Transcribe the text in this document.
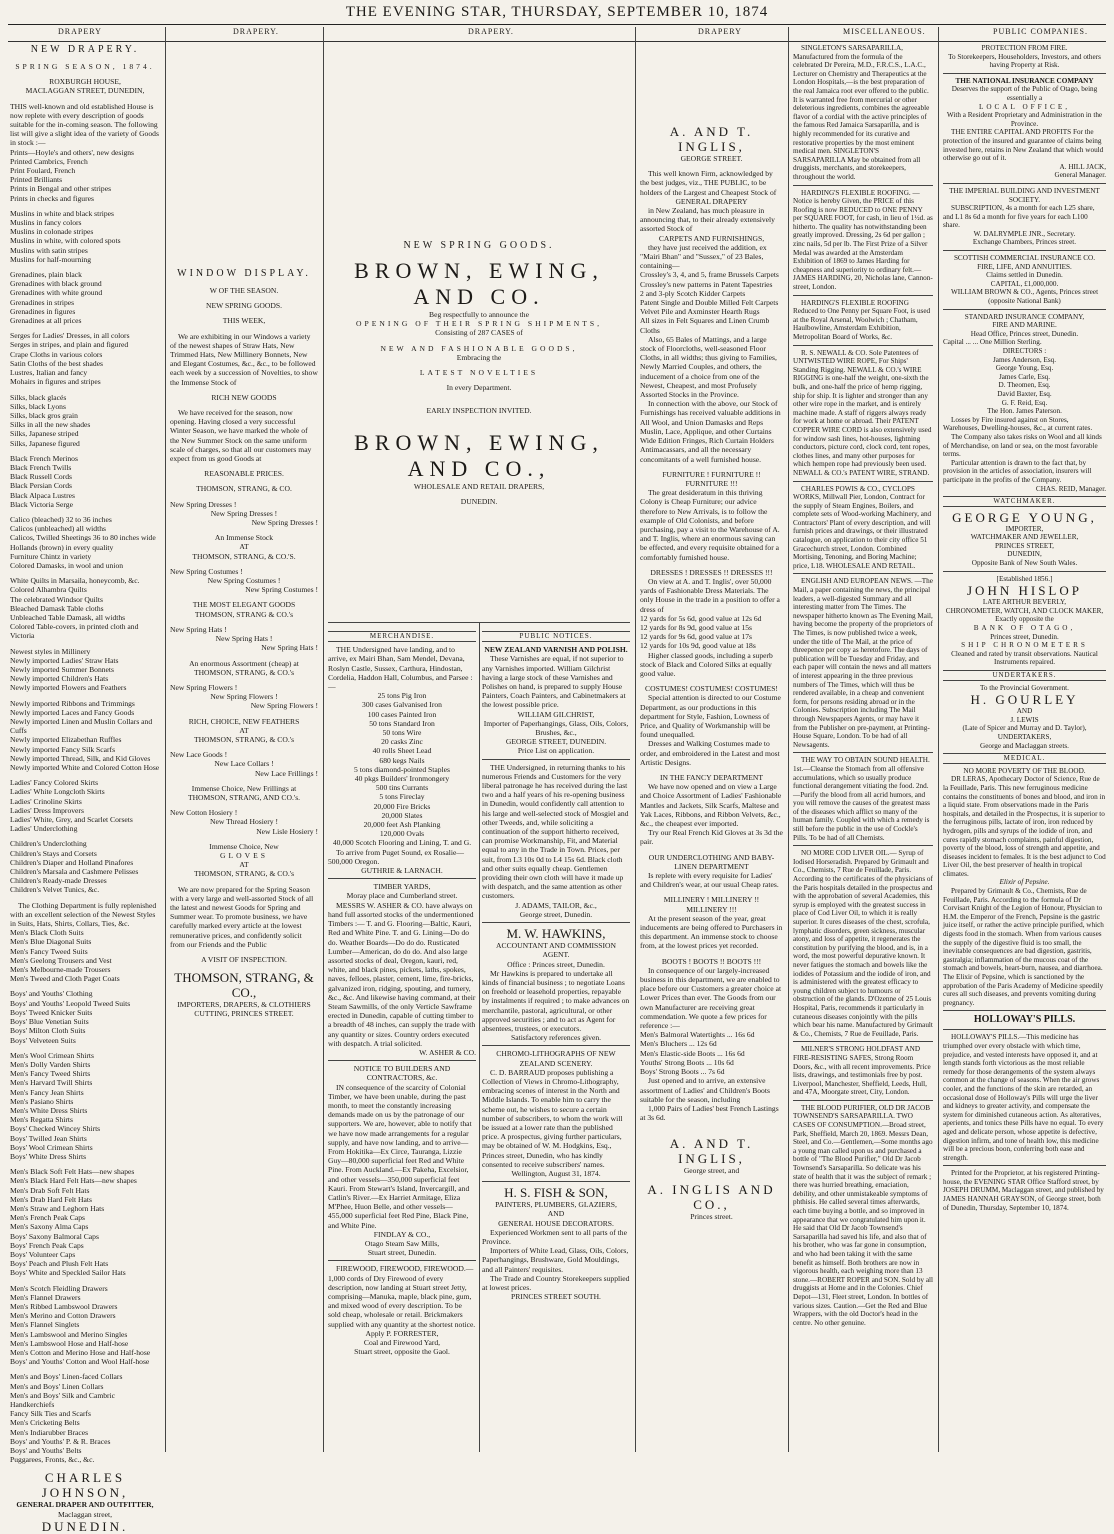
THE EVENING STAR, THURSDAY, SEPTEMBER 10, 1874
DRAPERY	DRAPERY.	DRAPERY.	DRAPERY	MISCELLANEOUS.	PUBLIC COMPANIES.

NEW DRAPERY.

SPRING SEASON, 1874.

ROXBURGH HOUSE,

MACLAGGAN STREET, DUNEDIN,

THIS well-known and old established House is now replete with every description of goods suitable for the in-coming season. The following list will give a slight idea of the variety of Goods in stock :—

Prints—Hoyle's and others', new designs

Printed Cambrics, French

Print Foulard, French

Printed Brilliants

Prints in Bengal and other stripes

Prints in checks and figures

Muslins in white and black stripes

Muslins in fancy colors

Muslins in colonade stripes

Muslins in white, with colored spots

Muslins with satin stripes

Muslins for half-mourning

Grenadines, plain black

Grenadines with black ground

Grenadines with white ground

Grenadines in stripes

Grenadines in figures

Grenadines at all prices

Serges for Ladies' Dresses, in all colors

Serges in stripes, and plain and figured

Crape Cloths in various colors

Satin Cloths of the best shades

Lustres, Italian and fancy

Mohairs in figures and stripes

Silks, black glacés

Silks, black Lyons

Silks, black gros grain

Silks in all the new shades

Silks, Japanese striped

Silks, Japanese figured

Black French Merinos

Black French Twills

Black Russell Cords

Black Persian Cords

Black Alpaca Lustres

Black Victoria Serge

Calico (bleached) 32 to 36 inches

Calicos (unbleached) all widths

Calicos, Twilled Sheetings 36 to 80 inches wide

Hollands (brown) in every quality

Furniture Chintz in variety

Colored Damasks, in wool and union

White Quilts in Marsaila, honeycomb, &c.

Colored Alhambra Quilts

The celebrated Windsor Quilts

Bleached Damask Table cloths

Unbleached Table Damask, all widths

Colored Table-covers, in printed cloth and Victoria

Newest styles in Millinery

Newly imported Ladies' Straw Hats

Newly imported Summer Bonnets

Newly imported Children's Hats

Newly imported Flowers and Feathers

Newly imported Ribbons and Trimmings

Newly imported Laces and Fancy Goods

Newly imported Linen and Muslin Collars and Cuffs

Newly imported Elizabethan Ruffles

Newly imported Fancy Silk Scarfs

Newly imported Thread, Silk, and Kid Gloves

Newly imported White and Colored Cotton Hose

Ladies' Fancy Colored Skirts

Ladies' White Longcloth Skirts

Ladies' Crinoline Skirts

Ladies' Dress Improvers

Ladies' White, Grey, and Scarlet Corsets

Ladies' Underclothing

Children's Underclothing

Children's Stays and Corsets

Children's Diaper and Holland Pinafores

Children's Marsala and Cashmere Pelisses

Children's Ready-made Dresses

Children's Velvet Tunics, &c.

The Clothing Department is fully replenished with an excellent selection of the Newest Styles in Suits, Hats, Shirts, Collars, Ties, &c.

Men's Black Cloth Suits

Men's Blue Diagonal Suits

Men's Fancy Tweed Suits

Men's Geelong Trousers and Vest

Men's Melbourne-made Trousers

Men's Tweed and Cloth Paget Coats

Boys' and Youths' Clothing

Boys' and Youths' Leopold Tweed Suits

Boys' Tweed Knicker Suits

Boys' Blue Venetian Suits

Boys' Milton Cloth Suits

Boys' Velveteen Suits

Men's Wool Crimean Shirts

Men's Dolly Varden Shirts

Men's Fancy Tweed Shirts

Men's Harvard Twill Shirts

Men's Fancy Jean Shirts

Men's Pasiano Shirts

Men's White Dress Shirts

Men's Regatta Shirts

Boys' Checked Wincey Shirts

Boys' Twilled Jean Shirts

Boys' Wool Crimean Shirts

Boys' White Dress Shirts

Men's Black Soft Felt Hats—new shapes

Men's Black Hard Felt Hats—new shapes

Men's Drab Soft Felt Hats

Men's Drab Hard Felt Hats

Men's Straw and Leghorn Hats

Men's French Peak Caps

Men's Saxony Alma Caps

Boys' Saxony Balmoral Caps

Boys' French Peak Caps

Boys' Volunteer Caps

Boys' Peach and Plush Felt Hats

Boys' White and Speckled Sailor Hats

Men's Scotch Fleidling Drawers

Men's Flannel Drawers

Men's Ribbed Lambswool Drawers

Men's Merino and Cotton Drawers

Men's Flannel Singlets

Men's Lambswool and Merino Singles

Men's Lambswool Hose and Half-hose

Men's Cotton and Merino Hose and Half-hose

Boys' and Youths' Cotton and Wool Half-hose

Men's and Boys' Linen-faced Collars

Men's and Boys' Linen Collars

Men's and Boys' Silk and Cambric Handkerchiefs

Fancy Silk Ties and Scarfs

Men's Cricketing Belts

Men's Indiarubber Braces

Boys' and Youths' P. & R. Braces

Boys' and Youths' Belts

Puggarees, Fronts, &c., &c.

CHARLES JOHNSON,

GENERAL DRAPER AND OUTFITTER,

Maclaggan street,

DUNEDIN.

WINDOW DISPLAY.

W OF THE SEASON.

NEW SPRING GOODS.

THIS WEEK,

We are exhibiting in our Windows a variety of the newest shapes of Straw Hats, New Trimmed Hats, New Millinery Bonnets, New and Elegant Costumes, &c., &c., to be followed each week by a succession of Novelties, to show the Immense Stock of

RICH NEW GOODS

We have received for the season, now opening. Having closed a very successful Winter Season, we have marked the whole of the New Summer Stock on the same uniform scale of charges, so that all our customers may expect from us good Goods at

REASONABLE PRICES.

THOMSON, STRANG, & CO.

New Spring Dresses !

New Spring Dresses !

New Spring Dresses !

An Immense Stock

AT

THOMSON, STRANG, & CO.'S.

New Spring Costumes !

New Spring Costumes !

New Spring Costumes !

THE MOST ELEGANT GOODS

THOMSON, STRANG & CO.'s

New Spring Hats !

New Spring Hats !

New Spring Hats !

An enormous Assortment (cheap) at

THOMSON, STRANG, & CO.'s

New Spring Flowers !

New Spring Flowers !

New Spring Flowers !

RICH, CHOICE, NEW FEATHERS

AT

THOMSON, STRANG, & CO.'s

New Lace Goods !

New Lace Collars !

New Lace Frillings !

Immense Choice, New Frillings at

THOMSON, STRANG, AND CO.'s.

New Cotton Hosiery !

New Thread Hosiery !

New Lisle Hosiery !

Immense Choice, New

GLOVES

AT

THOMSON, STRANG, & CO.'s

We are now prepared for the Spring Season with a very large and well-assorted Stock of all the latest and newest Goods for Spring and Summer wear. To promote business, we have carefully marked every article at the lowest remunerative prices, and confidently solicit from our Friends and the Public

A VISIT OF INSPECTION.

THOMSON, STRANG, & CO.,

IMPORTERS, DRAPERS, & CLOTHIERS

CUTTING, PRINCES STREET.

NEW SPRING GOODS.

BROWN, EWING, AND CO.

Beg respectfully to announce the

OPENING OF THEIR SPRING SHIPMENTS,

Consisting of 287 CASES of

NEW AND FASHIONABLE GOODS,

Embracing the

LATEST NOVELTIES

In every Department.

EARLY INSPECTION INVITED.

BROWN, EWING, AND CO.,

WHOLESALE AND RETAIL DRAPERS,

DUNEDIN.

MERCHANDISE.

THE Undersigned have landing, and to arrive, ex Mairi Bhan, Sam Mendel, Devana, Roslyn Castle, Sussex, Carthura, Hindostan, Cordelia, Haddon Hall, Columbus, and Parsee :—

25 tons Pig Iron

300 cases Galvanised Iron

100 cases Painted Iron

50 tons Standard Iron

50 tons Wire

20 casks Zinc

40 rolls Sheet Lead

680 kegs Nails

5 tons diamond-pointed Staples

40 pkgs Builders' Ironmongery

500 tins Currants

5 tons Fireclay

20,000 Fire Bricks

20,000 Slates

20,000 feet Ash Planking

120,000 Ovals

40,000 Scotch Flooring and Lining, T. and G.

To arrive from Puget Sound, ex Rosalie—500,000 Oregon.

GUTHRIE & LARNACH.

TIMBER YARDS,

Moray place and Cumberland street.

MESSRS W. ASHER & CO. have always on hand full assorted stocks of the undermentioned Timbers :— T. and G. Flooring—Baltic, Kauri, Red and White Pine. T. and G. Lining—Do do do. Weather Boards—Do do do. Rusticated Lumber—American, do do do. And also large assorted stocks of deal, Oregon, kauri, red, white, and black pines, pickets, laths, spokes, naves, felloes, plaster, cement, lime, fire-bricks, galvanized iron, ridging, spouting, and turnery, &c., &c. And likewise having command, at their Steam Sawmills, of the only Verticle Sawframe erected in Dunedin, capable of cutting timber to a breadth of 48 inches, can supply the trade with any quantity or sizes. Country orders executed with despatch. A trial solicited.

W. ASHER & CO.

NOTICE TO BUILDERS AND CONTRACTORS, &c.

IN consequence of the scarcity of Colonial Timber, we have been unable, during the past month, to meet the constantly increasing demands made on us by the patronage of our supporters. We are, however, able to notify that we have now made arrangements for a regular supply, and have now landing, and to arrive— From Hokitika—Ex Circe, Tauranga, Lizzie Guy—80,000 superficial feet Red and White Pine. From Auckland.—Ex Pakeha, Excelsior, and other vessels—350,000 superficial feet Kauri. From Stewart's Island, Invercargill, and Catlin's River.—Ex Harriet Armitage, Eliza M'Phee, Huon Belle, and other vessels—455,000 superficial feet Red Pine, Black Pine, and White Pine.

FINDLAY & CO.,

Otago Steam Saw Mills,

Stuart street, Dunedin.

FIREWOOD, FIREWOOD, FIREWOOD.—1,000 cords of Dry Firewood of every description, now landing at Stuart street Jetty, comprising—Manuka, maple, black pine, gum, and mixed wood of every description. To be sold cheap, wholesale or retail. Brickmakers supplied with any quantity at the shortest notice.

Apply P. FORRESTER,

Coal and Firewood Yard,

Stuart street, opposite the Gaol.

PUBLIC NOTICES.

NEW ZEALAND VARNISH AND POLISH.

These Varnishes are equal, if not superior to any Varnishes imported. William Gilchrist having a large stock of these Varnishes and Polishes on hand, is prepared to supply House Painters, Coach Painters, and Cabinetmakers at the lowest possible price.

WILLIAM GILCHRIST,

Importer of Paperhangings, Glass, Oils, Colors, Brushes, &c.,

GEORGE STREET, DUNEDIN.

Price List on application.

THE Undersigned, in returning thanks to his numerous Friends and Customers for the very liberal patronage he has received during the last two and a half years of his re-opening business in Dunedin, would confidently call attention to his large and well-selected stock of Mosgiel and other Tweeds, and, while soliciting a continuation of the support hitherto received, can promise Workmanship, Fit, and Material equal to any in the Trade in Town. Prices, per suit, from L3 10s 0d to L4 15s 6d. Black cloth and other suits equally cheap. Gentlemen providing their own cloth will have it made up with despatch, and the same attention as other customers.

J. ADAMS, TAILOR, &c.,

George street, Dunedin.

M. W. HAWKINS,

ACCOUNTANT AND COMMISSION AGENT.

Office : Princes street, Dunedin.

Mr Hawkins is prepared to undertake all kinds of financial business ; to negotiate Loans on freehold or leasehold properties, repayable by instalments if required ; to make advances on merchantile, pastoral, agricultural, or other approved securities ; and to act as Agent for absentees, trustees, or executors.

Satisfactory references given.

CHROMO-LITHOGRAPHS OF NEW ZEALAND SCENERY.

C. D. BARRAUD proposes publishing a Collection of Views in Chromo-Lithography, embracing scenes of interest in the North and Middle Islands. To enable him to carry the scheme out, he wishes to secure a certain number of subscribers, to whom the work will be issued at a lower rate than the published price. A prospectus, giving further particulars, may be obtained of W. M. Hodgkins, Esq., Princes street, Dunedin, who has kindly consented to receive subscribers' names.

Wellington, August 31, 1874.

H. S. FISH & SON,

PAINTERS, PLUMBERS, GLAZIERS,

AND

GENERAL HOUSE DECORATORS.

Experienced Workmen sent to all parts of the Province.

Importers of White Lead, Glass, Oils, Colors, Paperhangings, Brushware, Gold Mouldings, and all Painters' requisites.

The Trade and Country Storekeepers supplied at lowest prices.

PRINCES STREET SOUTH.

A. AND T. INGLIS,

GEORGE STREET.

This well known Firm, acknowledged by the best judges, viz., THE PUBLIC, to be holders of the Largest and Cheapest Stock of

GENERAL DRAPERY

in New Zealand, has much pleasure in announcing that, to their already extensively assorted Stock of

CARPETS AND FURNISHINGS,

they have just received the addition, ex "Mairi Bhan" and "Sussex," of 23 Bales, containing—

Crossley's 3, 4, and 5, frame Brussels Carpets

Crossley's new patterns in Patent Tapestries

2 and 3-ply Scotch Kidder Carpets

Patent Single and Double Milled Felt Carpets

Velvet Pile and Axminster Hearth Rugs

All sizes in Felt Squares and Linen Crumb Cloths

Also, 65 Bales of Mattings, and a large stock of Floorcloths, well-seasoned Floor Cloths, in all widths; thus giving to Families, Newly Married Couples, and others, the inducement of a choice from one of the Newest, Cheapest, and most Profusely Assorted Stocks in the Province.

In connection with the above, our Stock of Furnishings has received valuable additions in

All Wool, and Union Damasks and Reps

Muslin, Lace, Applique, and other Curtains

Wide Edition Fringes, Rich Curtain Holders

Antimacassars, and all the necessary concomitants of a well furnished house.

FURNITURE ! FURNITURE !!

FURNITURE !!!

The great desideratum in this thriving Colony is Cheap Furniture; our advice therefore to New Arrivals, is to follow the example of Old Colonists, and before purchasing, pay a visit to the Warehouse of A. and T. Inglis, where an enormous saving can be effected, and every requisite obtained for a comfortably furnished house.

DRESSES ! DRESSES !! DRESSES !!!

On view at A. and T. Inglis', over 50,000 yards of Fashionable Dress Materials. The only House in the trade in a position to offer a dress of

12 yards for 5s 6d, good value at 12s 6d

12 yards for 8s 9d, good value at 15s

12 yards for 9s 6d, good value at 17s

12 yards for 10s 9d, good value at 18s

Higher classed goods, including a superb stock of Black and Colored Silks at equally good value.

COSTUMES! COSTUMES! COSTUMES!

Special attention is directed to our Costume Department, as our productions in this department for Style, Fashion, Lowness of Price, and Quality of Workmanship will be found unequalled.

Dresses and Walking Costumes made to order, and embroidered in the Latest and most Artistic Designs.

IN THE FANCY DEPARTMENT

We have now opened and on view a Large and Choice Assortment of Ladies' Fashionable Mantles and Jackets, Silk Scarfs, Maltese and Yak Laces, Ribbons, and Ribbon Velvets, &c., &c., the cheapest ever imported.

Try our Real French Kid Gloves at 3s 3d the pair.

OUR UNDERCLOTHING AND BABY-LINEN DEPARTMENT

Is replete with every requisite for Ladies' and Children's wear, at our usual Cheap rates.

MILLINERY ! MILLINERY !!

MILLINERY !!!

At the present season of the year, great inducements are being offered to Purchasers in this department. An immense stock to choose from, at the lowest prices yet recorded.

BOOTS ! BOOTS !! BOOTS !!!

In consequence of our largely-increased business in this department, we are enabled to place before our Customers a greater choice at Lower Prices than ever. The Goods from our own Manufacturer are receiving great commendation. We quote a few prices for reference :—

Men's Balmoral Watertights ... 16s 6d

Men's Bluchers ... 12s 6d

Men's Elastic-side Boots ... 16s 6d

Youths' Strong Boots ... 10s 6d

Boys' Strong Boots ... 7s 6d

Just opened and to arrive, an extensive assortment of Ladies' and Children's Boots suitable for the season, including

1,000 Pairs of Ladies' best French Lastings at 3s 6d.

A. AND T. INGLIS,

George street, and

A. INGLIS AND CO.,

Princes street.

SINGLETON'S SARSAPARILLA, Manufactured from the formula of the celebrated Dr Pereira, M.D., F.R.C.S., L.A.C., Lecturer on Chemistry and Therapeutics at the London Hospitals,—is the best preparation of the real Jamaica root ever offered to the public. It is warranted free from mercurial or other deleterious ingredients, combines the agreeable flavor of a cordial with the active principles of the famous Red Jamaica Sarsaparilla, and is highly recommended for its curative and restorative properties by the most eminent medical men. SINGLETON'S SARSAPARILLA May be obtained from all druggists, merchants, and storekeepers, throughout the world.

HARDING'S FLEXIBLE ROOFING. —Notice is hereby Given, the PRICE of this Roofing is now REDUCED to ONE PENNY per SQUARE FOOT, for cash, in lieu of 1½d. as hitherto. The quality has notwithstanding been greatly improved. Dressing, 2s 6d per gallon ; zinc nails, 5d per lb. The First Prize of a Silver Medal was awarded at the Amsterdam Exhibition of 1869 to James Harding for cheapness and superiority to ordinary felt.—JAMES HARDING, 20, Nicholas lane, Cannon-street, London.

HARDING'S FLEXIBLE ROOFING Reduced to One Penny per Square Foot, is used at the Royal Arsenal, Woolwich ; Chatham, Haulbowline, Amsterdam Exhibition, Metropolitan Board of Works, &c.

R. S. NEWALL & CO. Sole Patentees of UNTWISTED WIRE ROPE, For Ships' Standing Rigging. NEWALL & CO.'s WIRE RIGGING is one-half the weight, one-sixth the bulk, and one-half the price of hemp rigging, ship for ship. It is lighter and stronger than any other wire rope in the market, and is entirely machine made. A staff of riggers always ready for work at home or abroad. Their PATENT COPPER WIRE CORD is also extensively used for window sash lines, hot-houses, lightning conductors, picture cord, clock cord, tent ropes, clothes lines, and many other purposes for which hempen rope had previously been used. NEWALL & CO.'s PATENT WIRE, STRAND.

CHARLES POWIS & CO., CYCLOPS WORKS, Millwall Pier, London, Contract for the supply of Steam Engines, Boilers, and complete sets of Wood-working Machinery, and Contractors' Plant of every description, and will furnish prices and drawings, or their illustrated catalogue, on application to their city office 51 Gracechurch street, London. Combined Mortising, Tenoning, and Boring Machine; price, L18. WHOLESALE AND RETAIL.

ENGLISH AND EUROPEAN NEWS. —The Mail, a paper containing the news, the principal leaders, a well-digested Summary and all interesting matter from The Times. The newspaper hitherto known as The Evening Mail, having become the property of the proprietors of The Times, is now published twice a week, under the title of The Mail, at the price of threepence per copy as heretofore. The days of publication will be Tuesday and Friday, and each paper will contain the news and all matters of interest appearing in the three previous numbers of The Times, which will thus be rendered available, in a cheap and convenient form, for persons residing abroad or in the Colonies. Subscription including The Mail through Newspapers Agents, or may have it from the Publisher on pre-payment, at Printing-House Square, London. To be had of all Newsagents.

THE WAY TO OBTAIN SOUND HEALTH. 1st.—Cleanse the Stomach from all offensive accumulations, which so usually produce functional derangement vitiating the food. 2nd.—Purify the blood from all acrid humors, and you will remove the causes of the greatest mass of the diseases which afflict so many of the human family. Coupled with which a remedy is still before the public in the use of Cockle's Pills. To be had of all Chemists.

NO MORE COD LIVER OIL.— Syrup of Iodised Horseradish. Prepared by Grimault and Co., Chemists, 7 Rue de Feuillade, Paris. According to the certificates of the physicians of the Paris hospitals detailed in the prospectus and with the approbation of several Academies, this syrup is employed with the greatest success in place of Cod Liver Oil, to which it is really superior. It cures diseases of the chest, scrofula, lymphatic disorders, green sickness, muscular atony, and loss of appetite, it regenerates the constitution by purifying the blood, and is, in a word, the most powerful depurative known. It never fatigues the stomach and bowels like the iodides of Potassium and the iodide of iron, and is administered with the greatest efficacy to young children subject to humours or obstruction of the glands. D'Ozenne of 25 Louis Hospital, Paris, recommends it particularly in cutaneous diseases conjointly with the pills which bear his name. Manufactured by Grimault & Co., Chemists, 7 Rue de Feuillade, Paris.

MILNER'S STRONG HOLDFAST AND FIRE-RESISTING SAFES, Strong Room Doors, &c., with all recent improvements. Price lists, drawings, and testimonials free by post. Liverpool, Manchester, Sheffield, Leeds, Hull, and 47A, Moorgate street, City, London.

THE BLOOD PURIFIER, OLD DR JACOB TOWNSEND'S SARSAPARILLA. TWO CASES OF CONSUMPTION.—Broad street, Park, Sheffield, March 20, 1869. Messrs Dean, Steel, and Co.—Gentlemen,—Some months ago a young man called upon us and purchased a bottle of "The Blood Purifier," Old Dr Jacob Townsend's Sarsaparilla. So delicate was his state of health that it was the subject of remark ; there was hurried breathing, emaciation, debility, and other unmistakeable symptoms of phthisis. He called several times afterwards, each time buying a bottle, and so improved in appearance that we congratulated him upon it. He said that Old Dr Jacob Townsend's Sarsaparilla had saved his life, and also that of his brother, who was far gone in consumption, and who had been taking it with the same benefit as himself. Both brothers are now in vigorous health, each weighing more than 13 stone.—ROBERT ROPER and SON. Sold by all druggists at Home and in the Colonies. Chief Depot—131, Fleet street, London. In bottles of various sizes. Caution.—Get the Red and Blue Wrappers, with the old Doctor's head in the centre. No other genuine.

PROTECTION FROM FIRE.

To Storekeepers, Householders, Investors, and others having Property at Risk.

THE NATIONAL INSURANCE COMPANY

Deserves the support of the Public of Otago, being essentially a

LOCAL OFFICE,

With a Resident Proprietary and Administration in the Province.

THE ENTIRE CAPITAL AND PROFITS For the protection of the insured and guarantee of claims being invested here, retains in New Zealand that which would otherwise go out of it.

A. HILL JACK,

General Manager.

THE IMPERIAL BUILDING AND INVESTMENT SOCIETY.

SUBSCRIPTION, 4s a month for each L25 share, and L1 8s 6d a month for five years for each L100 share.

W. DALRYMPLE JNR., Secretary.

Exchange Chambers, Princes street.

SCOTTISH COMMERCIAL INSURANCE CO.

FIRE, LIFE, AND ANNUITIES.

Claims settled in Dunedin.

CAPITAL, £1,000,000.

WILLIAM BROWN & CO., Agents, Princes street (opposite National Bank)

STANDARD INSURANCE COMPANY,

FIRE AND MARINE.

Head Office, Princes street, Dunedin.

Capital ... ... One Million Sterling.

DIRECTORS :

James Anderson, Esq.

George Young, Esq.

James Carle, Esq.

D. Theomen, Esq.

David Baxter, Esq.

G. F. Reid, Esq.

The Hon. James Paterson.

Losses by Fire insured against on Stores, Warehouses, Dwelling-houses, &c., at current rates.

The Company also takes risks on Wool and all kinds of Merchandise, on land or sea, on the most favorable terms.

Particular attention is drawn to the fact that, by provision in the articles of association, insurers will participate in the profits of the Company.

CHAS. REID, Manager.

WATCHMAKER.

GEORGE YOUNG,

IMPORTER,

WATCHMAKER AND JEWELLER,

PRINCES STREET,

DUNEDIN,

Opposite Bank of New South Wales.

[Established 1856.]

JOHN HISLOP

LATE ARTHUR BEVERLY,

CHRONOMETER, WATCH, AND CLOCK MAKER,

Exactly opposite the

BANK OF OTAGO,

Princes street, Dunedin.

SHIP CHRONOMETERS

Cleaned and rated by transit observations. Nautical Instruments repaired.

UNDERTAKERS.

To the Provincial Government.

H. GOURLEY

AND

J. LEWIS

(Late of Spicer and Murray and D. Taylor), UNDERTAKERS,

George and Maclaggan streets.

MEDICAL.

NO MORE POVERTY OF THE BLOOD.

DR LERAS, Apothecary Doctor of Science, Rue de la Feuillade, Paris. This new ferruginous medicine contains the constituents of bones and blood, and iron in a liquid state. From observations made in the Paris hospitals, and detailed in the Prospectus, it is superior to the ferruginous pills, lactate of iron, iron reduced by hydrogen, pills and syrups of the iodide of iron, and cures rapidly stomach complaints, painful digestion, poverty of the blood, loss of strength and appetite, and diseases incident to females. It is the best adjunct to Cod Liver Oil, the best preserver of health in tropical climates.

Elixir of Pepsine.

Prepared by Grimault & Co., Chemists, Rue de Feuillade, Paris. According to the formula of Dr Corvisart Knight of the Legion of Honour, Physician to H.M. the Emperor of the French, Pepsine is the gastric juice itself, or rather the active principle purified, which digests food in the stomach. When from various causes the supply of the digestive fluid is too small, the inevitable consequences are bad digestion, gastritis, gastralgia; inflammation of the mucous coat of the stomach and bowels, heart-burn, nausea, and diarrhoea. The Elixir of Pepsine, which is sanctioned by the approbation of the Paris Academy of Medicine speedily cures all such diseases, and prevents vomiting during pregnancy.

HOLLOWAY'S PILLS.

HOLLOWAY'S PILLS.—This medicine has triumphed over every obstacle with which time, prejudice, and vested interests have opposed it, and at length stands forth victorious as the most reliable remedy for those derangements of the system always common at the change of seasons. When the air grows cooler, and the functions of the skin are retarded, an occasional dose of Holloway's Pills will urge the liver and kidneys to greater activity, and compensate the system for diminished cutaneous action. As alteratives, aperients, and tonics these Pills have no equal. To every aged and delicate person, whose appetite is defective, digestion infirm, and tone of health low, this medicine will be a precious boon, conferring both ease and strength.

Printed for the Proprietor, at his registered Printing-house, the EVENING STAR Office Stafford street, by JOSEPH DRUMM, Maclaggan street, and published by JAMES HANNAH GRAYSON, of George street, both of Dunedin, Thursday, September 10, 1874.
